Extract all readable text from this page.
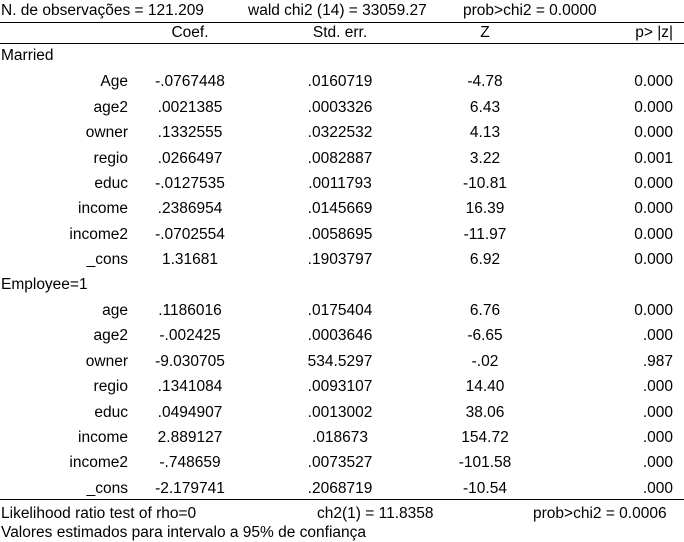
N. de observações = 121.209	wald chi2 (14) = 33059.27 prob>chi2 = 0.0000
Coef.	Std. err.	Z	p> |z|
Married
Age	-.0767448	.0160719	-4.78	0.000
age2	.0021385	.0003326	6.43	0.000
owner	.1332555	.0322532	4.13	0.000
regio	.0266497	.0082887	3.22	0.001
educ	-.0127535	.0011793	-10.81	0.000
income	.2386954	.0145669	16.39	0.000
income2	-.0702554	.0058695	-11.97	0.000
_cons	1.31681	.1903797	6.92	0.000
Employee=1
age	.1186016	.0175404	6.76	0.000
age2	-.002425	.0003646	-6.65	.000
owner	-9.030705	534.5297	-.02	.987
regio	.1341084	.0093107	14.40	.000
educ	.0494907	.0013002	38.06	.000
income	2.889127	.018673	154.72	.000
income2	-.748659	.0073527	-101.58	.000
_cons	-2.179741	.2068719	-10.54	.000
Likelihood ratio test of rho=0	ch2(1) = 11.8358	prob>chi2 = 0.0006
Valores estimados para intervalo a 95% de confiança
